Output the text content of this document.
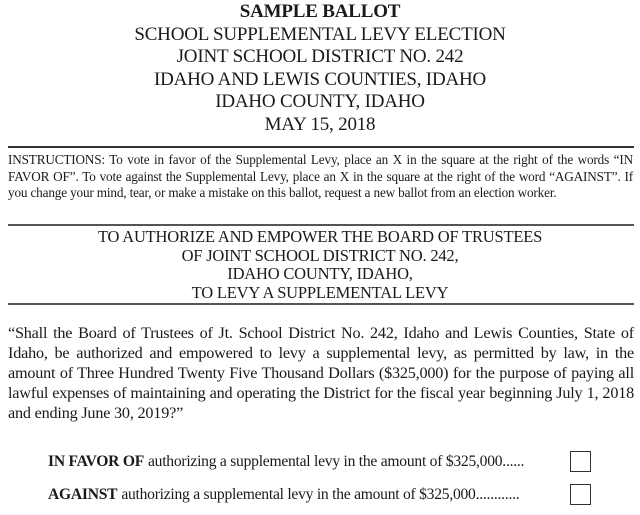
SAMPLE BALLOT
SCHOOL SUPPLEMENTAL LEVY ELECTION
JOINT SCHOOL DISTRICT NO. 242
IDAHO AND LEWIS COUNTIES, IDAHO
IDAHO COUNTY, IDAHO
MAY 15, 2018
INSTRUCTIONS: To vote in favor of the Supplemental Levy, place an X in the square at the right of the words “IN FAVOR OF”. To vote against the Supplemental Levy, place an X in the square at the right of the word “AGAINST”. If you change your mind, tear, or make a mistake on this ballot, request a new ballot from an election worker.
TO AUTHORIZE AND EMPOWER THE BOARD OF TRUSTEES
OF JOINT SCHOOL DISTRICT NO. 242,
IDAHO COUNTY, IDAHO,
TO LEVY A SUPPLEMENTAL LEVY
“Shall the Board of Trustees of Jt. School District No. 242, Idaho and Lewis Counties, State of Idaho, be authorized and empowered to levy a supplemental levy, as permitted by law, in the amount of Three Hundred Twenty Five Thousand Dollars ($325,000) for the purpose of paying all lawful expenses of maintaining and operating the District for the fiscal year beginning July 1, 2018 and ending June 30, 2019?”
IN FAVOR OF authorizing a supplemental levy in the amount of $325,000......
AGAINST authorizing a supplemental levy in the amount of $325,000............
